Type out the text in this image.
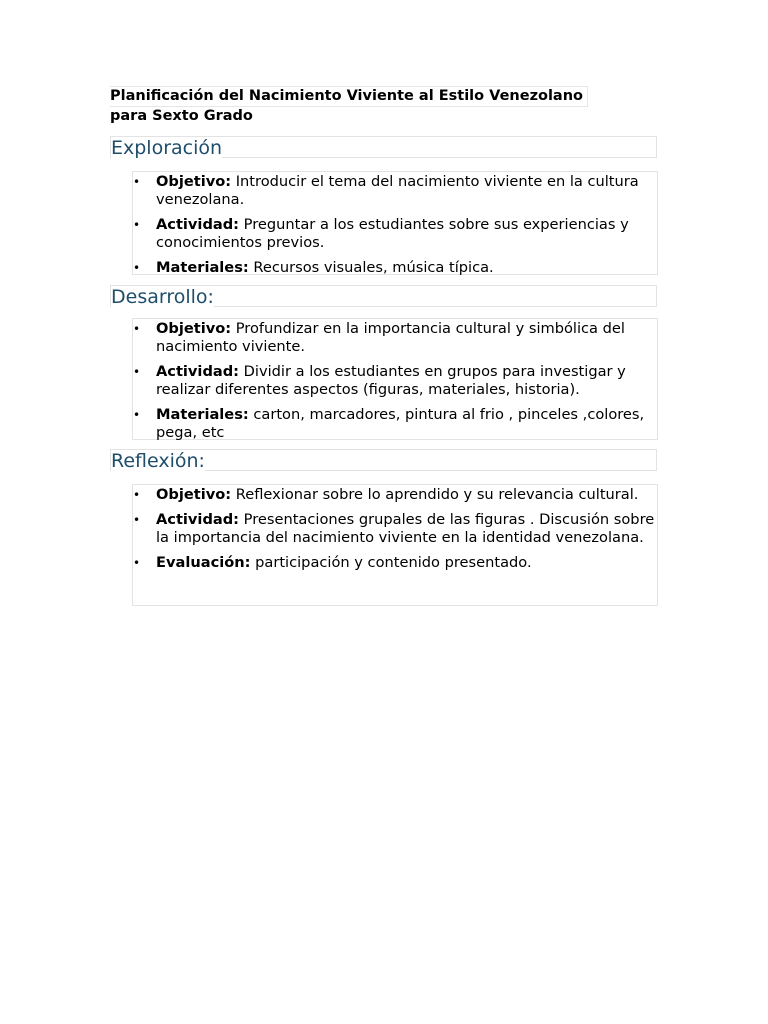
Planificación del Nacimiento Viviente al Estilo Venezolano
para Sexto Grado
Exploración
• Objetivo: Introducir el tema del nacimiento viviente en la cultura venezolana.
• Actividad: Preguntar a los estudiantes sobre sus experiencias y conocimientos previos.
• Materiales: Recursos visuales, música típica.
Desarrollo:
• Objetivo: Profundizar en la importancia cultural y simbólica del nacimiento viviente.
• Actividad: Dividir a los estudiantes en grupos para investigar y realizar diferentes aspectos (figuras, materiales, historia).
• Materiales: carton, marcadores, pintura al frio , pinceles ,colores, pega, etc
Reflexión:
• Objetivo: Reflexionar sobre lo aprendido y su relevancia cultural.
• Actividad: Presentaciones grupales de las figuras . Discusión sobre la importancia del nacimiento viviente en la identidad venezolana.
• Evaluación: participación y contenido presentado.
